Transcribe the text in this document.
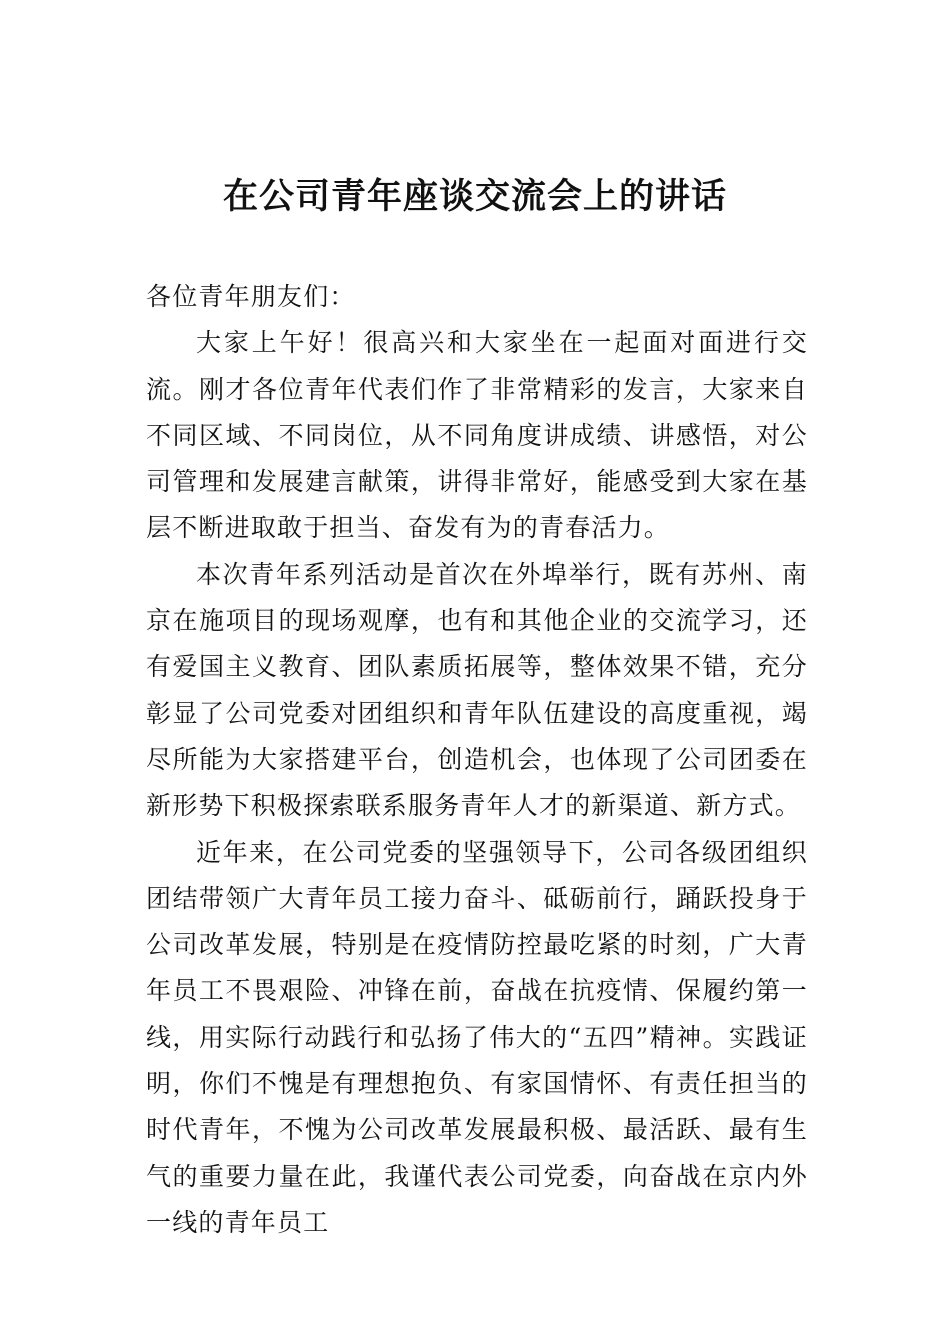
在公司青年座谈交流会上的讲话

各位青年朋友们：

大家上午好！很高兴和大家坐在一起面对面进行交流。刚才各位青年代表们作了非常精彩的发言，大家来自不同区域、不同岗位，从不同角度讲成绩、讲感悟，对公司管理和发展建言献策，讲得非常好，能感受到大家在基层不断进取敢于担当、奋发有为的青春活力。

本次青年系列活动是首次在外埠举行，既有苏州、南京在施项目的现场观摩，也有和其他企业的交流学习，还有爱国主义教育、团队素质拓展等，整体效果不错，充分彰显了公司党委对团组织和青年队伍建设的高度重视，竭尽所能为大家搭建平台，创造机会，也体现了公司团委在新形势下积极探索联系服务青年人才的新渠道、新方式。

近年来，在公司党委的坚强领导下，公司各级团组织团结带领广大青年员工接力奋斗、砥砺前行，踊跃投身于公司改革发展，特别是在疫情防控最吃紧的时刻，广大青年员工不畏艰险、冲锋在前，奋战在抗疫情、保履约第一线，用实际行动践行和弘扬了伟大的“五四”精神。实践证明，你们不愧是有理想抱负、有家国情怀、有责任担当的时代青年，不愧为公司改革发展最积极、最活跃、最有生气的重要力量在此，我谨代表公司党委，向奋战在京内外一线的青年员工
